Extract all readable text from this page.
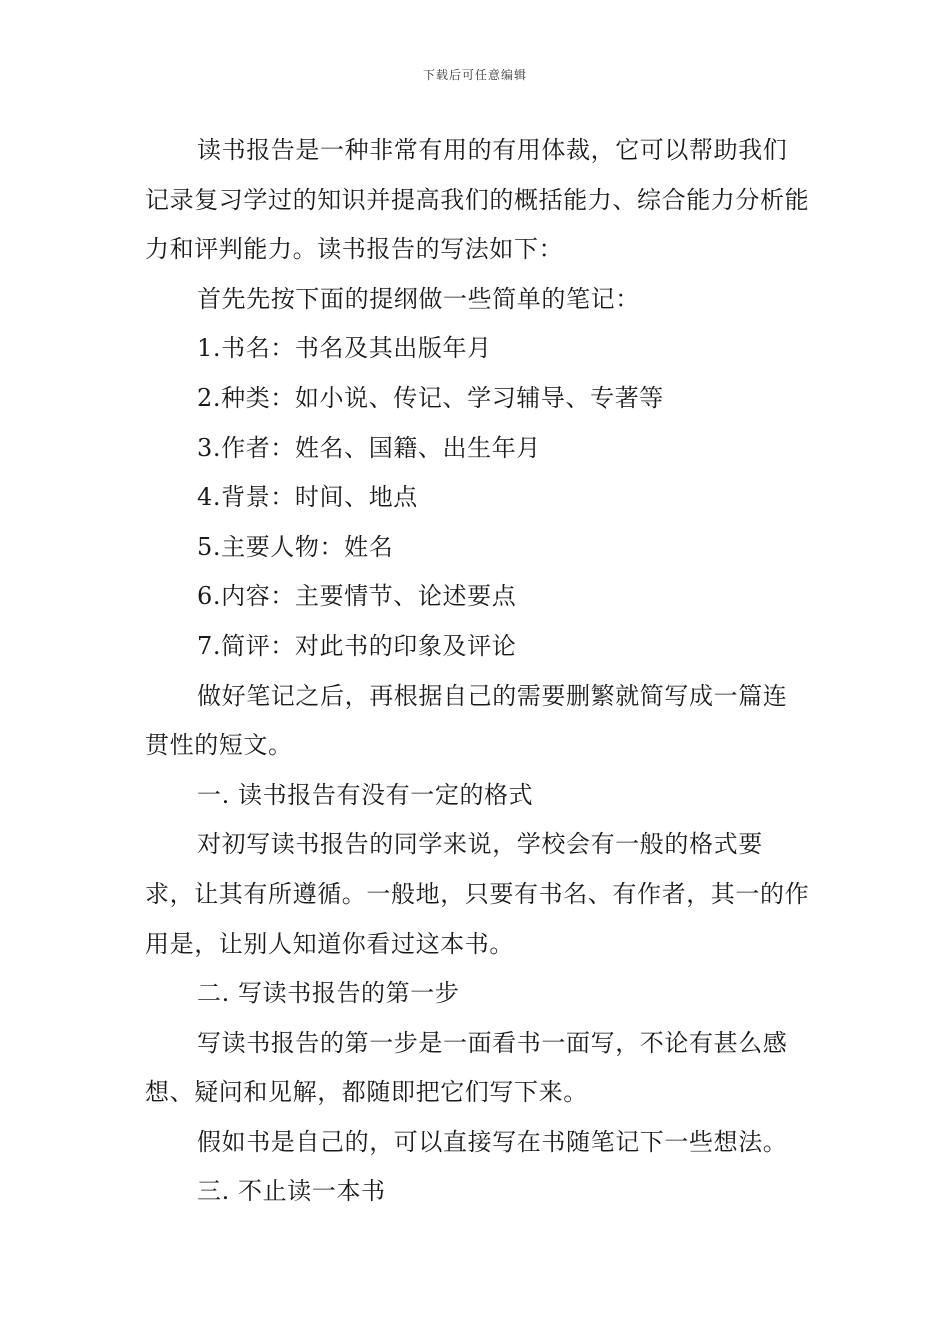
下载后可任意编辑

读书报告是一种非常有用的有用体裁，它可以帮助我们记录复习学过的知识并提高我们的概括能力、综合能力分析能力和评判能力。读书报告的写法如下：

首先先按下面的提纲做一些简单的笔记：

1.书名：书名及其出版年月

2.种类：如小说、传记、学习辅导、专著等

3.作者：姓名、国籍、出生年月

4.背景：时间、地点

5.主要人物：姓名

6.内容：主要情节、论述要点

7.简评：对此书的印象及评论

做好笔记之后，再根据自己的需要删繁就简写成一篇连贯性的短文。

一. 读书报告有没有一定的格式

对初写读书报告的同学来说，学校会有一般的格式要求，让其有所遵循。一般地，只要有书名、有作者，其一的作用是，让别人知道你看过这本书。

二. 写读书报告的第一步

写读书报告的第一步是一面看书一面写，不论有甚么感想、疑问和见解，都随即把它们写下来。

假如书是自己的，可以直接写在书随笔记下一些想法。

三. 不止读一本书
